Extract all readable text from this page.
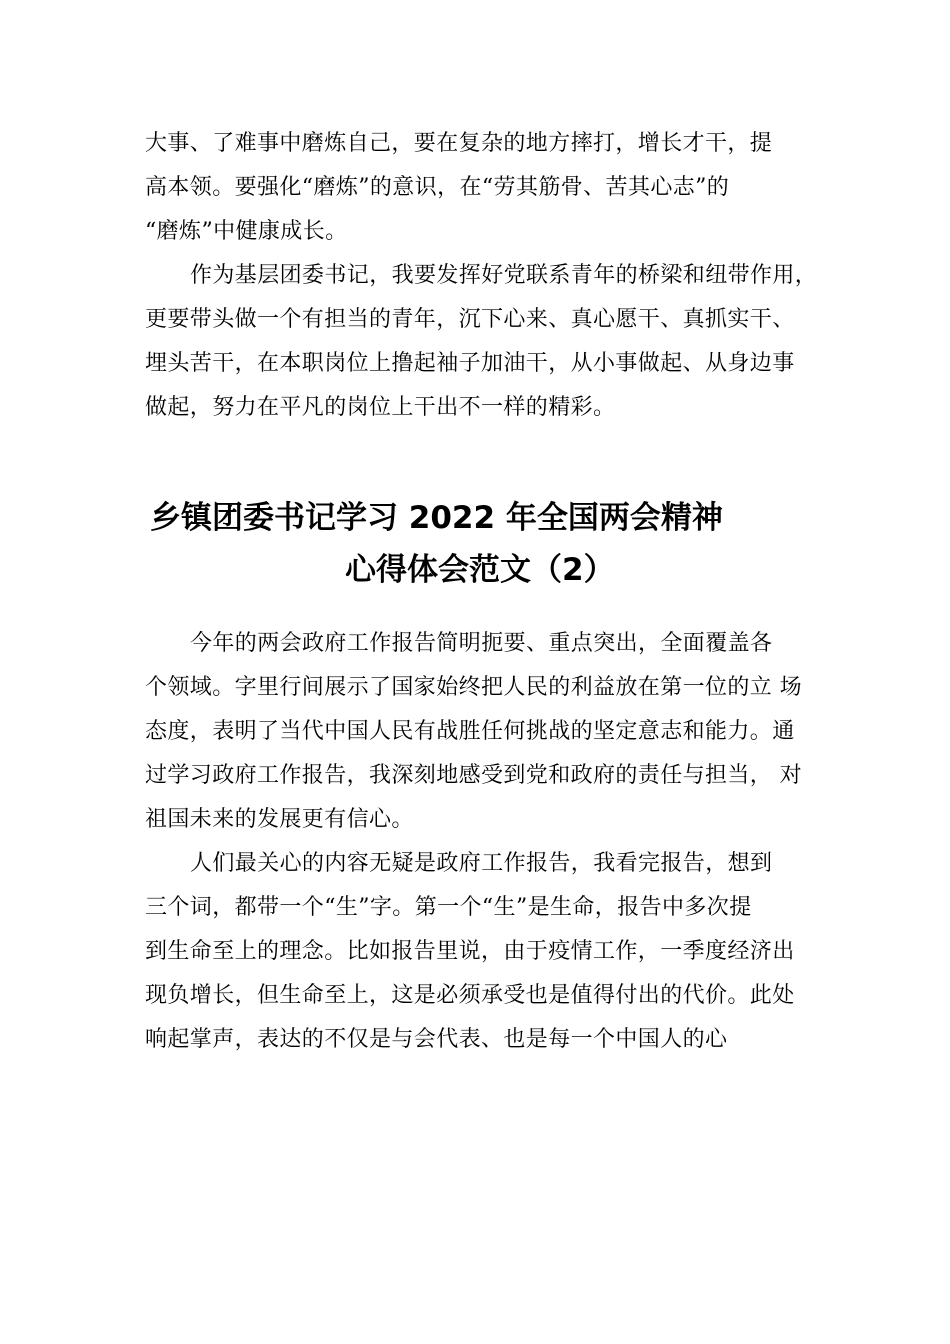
大事、了难事中磨炼自己，要在复杂的地方摔打，增长才干，提
高本领。要强化“磨炼”的意识，在“劳其筋骨、苦其心志”的
“磨炼”中健康成长。
作为基层团委书记，我要发挥好党联系青年的桥梁和纽带作用，
更要带头做一个有担当的青年，沉下心来、真心愿干、真抓实干、
埋头苦干，在本职岗位上撸起袖子加油干，从小事做起、从身边事
做起，努力在平凡的岗位上干出不一样的精彩。
乡镇团委书记学习 2022 年全国两会精神
心得体会范文（2）
今年的两会政府工作报告简明扼要、重点突出，全面覆盖各
个领域。字里行间展示了国家始终把人民的利益放在第一位的立 场
态度，表明了当代中国人民有战胜任何挑战的坚定意志和能力。通
过学习政府工作报告，我深刻地感受到党和政府的责任与担当， 对
祖国未来的发展更有信心。
人们最关心的内容无疑是政府工作报告，我看完报告，想到
三个词，都带一个“生”字。第一个“生”是生命，报告中多次提
到生命至上的理念。比如报告里说，由于疫情工作，一季度经济出
现负增长，但生命至上，这是必须承受也是值得付出的代价。此处
响起掌声，表达的不仅是与会代表、也是每一个中国人的心
